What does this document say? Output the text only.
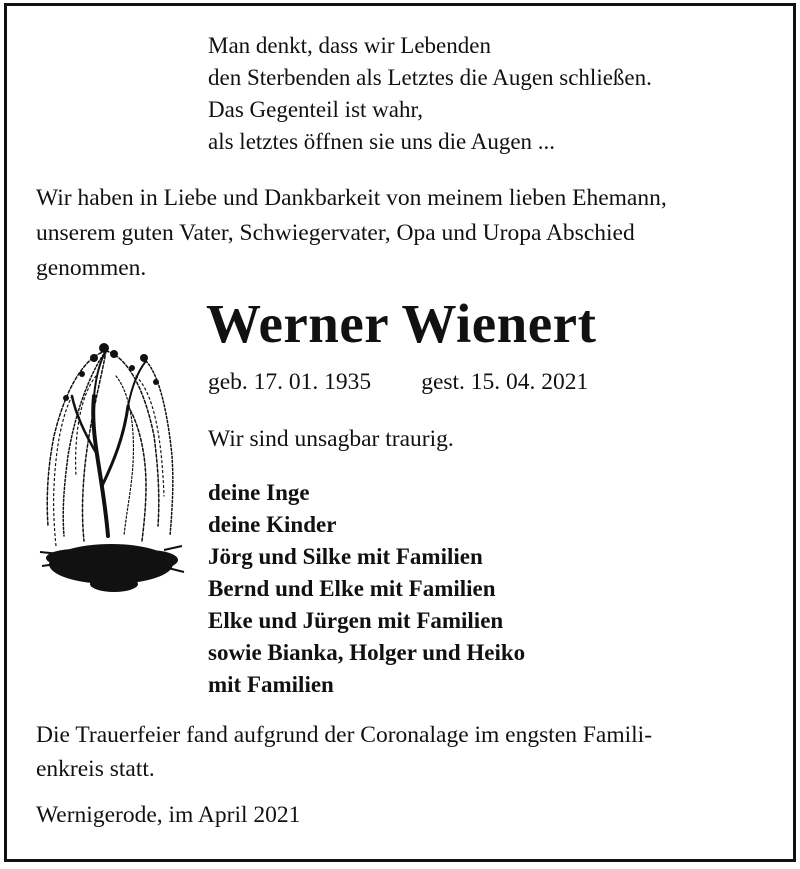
Man denkt, dass wir Lebenden
den Sterbenden als Letztes die Augen schließen.
Das Gegenteil ist wahr,
als letztes öffnen sie uns die Augen ...
Wir haben in Liebe und Dankbarkeit von meinem lieben Ehemann,
unserem guten Vater, Schwiegervater, Opa und Uropa Abschied
genommen.
Werner Wienert
geb. 17. 01. 1935 gest. 15. 04. 2021
Wir sind unsagbar traurig.
deine Inge
deine Kinder
Jörg und Silke mit Familien
Bernd und Elke mit Familien
Elke und Jürgen mit Familien
sowie Bianka, Holger und Heiko
mit Familien
Die Trauerfeier fand aufgrund der Coronalage im engsten Famili-
enkreis statt.
Wernigerode, im April 2021
